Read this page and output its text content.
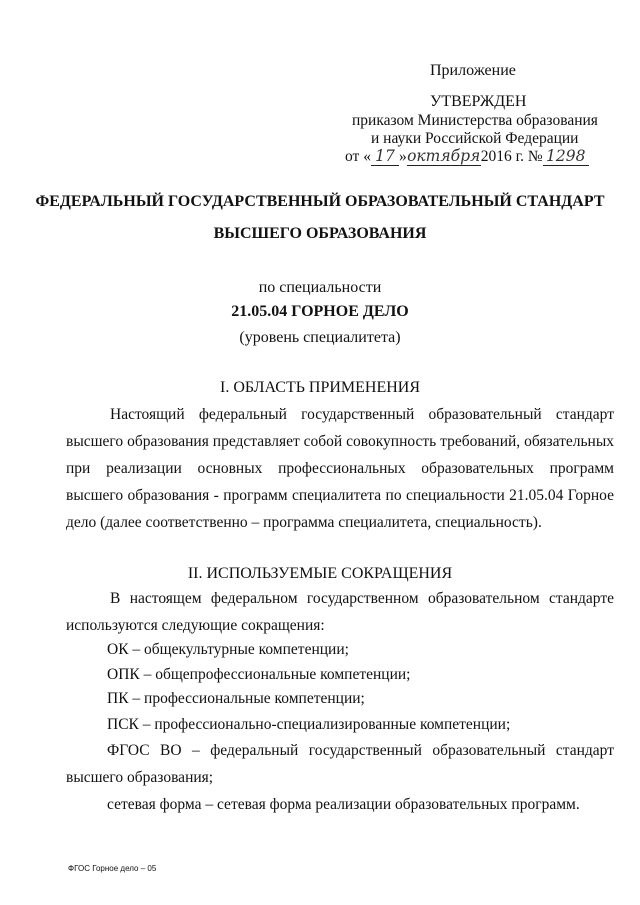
Приложение
УТВЕРЖДЕН
приказом Министерства образования
и науки Российской Федерации
от « 17 »октября2016 г. № 1298
ФЕДЕРАЛЬНЫЙ ГОСУДАРСТВЕННЫЙ ОБРАЗОВАТЕЛЬНЫЙ СТАНДАРТ
ВЫСШЕГО ОБРАЗОВАНИЯ
по специальности
21.05.04 ГОРНОЕ ДЕЛО
(уровень специалитета)
I. ОБЛАСТЬ ПРИМЕНЕНИЯ
Настоящий федеральный государственный образовательный стандарт высшего образования представляет собой совокупность требований, обязательных при реализации основных профессиональных образовательных программ высшего образования - программ специалитета по специальности 21.05.04 Горное дело (далее соответственно – программа специалитета, специальность).
II. ИСПОЛЬЗУЕМЫЕ СОКРАЩЕНИЯ
В настоящем федеральном государственном образовательном стандарте используются следующие сокращения:
ОК – общекультурные компетенции;
ОПК – общепрофессиональные компетенции;
ПК – профессиональные компетенции;
ПСК – профессионально-специализированные компетенции;
ФГОС ВО – федеральный государственный образовательный стандарт высшего образования;
сетевая форма – сетевая форма реализации образовательных программ.
ФГОС Горное дело – 05
